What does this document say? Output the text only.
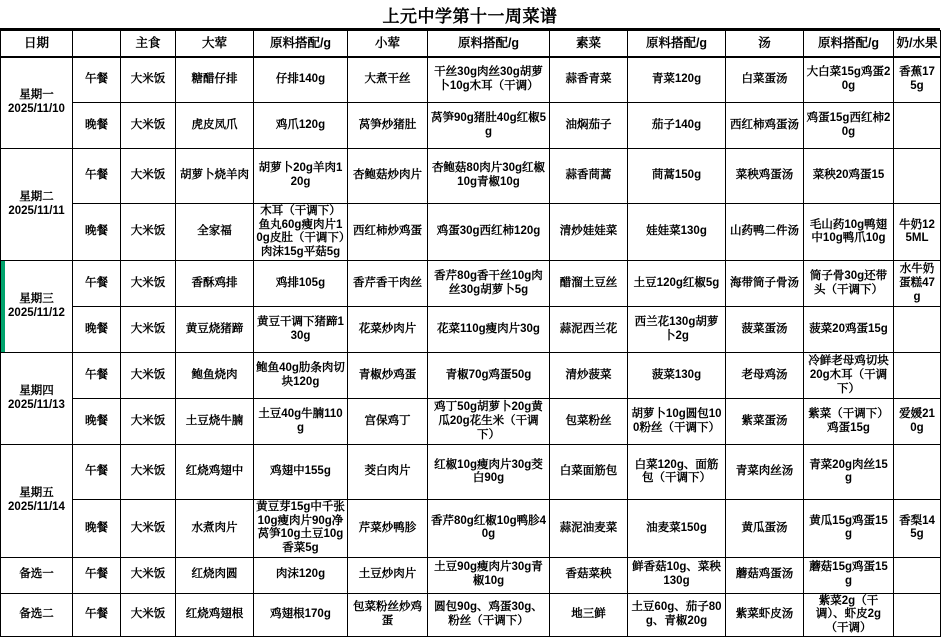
上元中学第十一周菜谱
日期		主食	大荤	原料搭配/g	小荤	原料搭配/g	素菜	原料搭配/g	汤	原料搭配/g	奶/水果

星期一
2025/11/10	午餐	大米饭	糖醋仔排	仔排140g	大煮干丝	干丝30g肉丝30g胡萝卜10g木耳（干调）	蒜香青菜	青菜120g	白菜蛋汤	大白菜15g鸡蛋20g	香蕉175g

	晚餐	大米饭	虎皮凤爪	鸡爪120g	莴笋炒猪肚	莴笋90g猪肚40g红椒5g	油焖茄子	茄子140g	西红柿鸡蛋汤	鸡蛋15g西红柿20g	

星期二
2025/11/11	午餐	大米饭	胡萝卜烧羊肉	胡萝卜20g羊肉120g	杏鲍菇炒肉片	杏鲍菇80肉片30g红椒10g青椒10g	蒜香茼蒿	茼蒿150g	菜秧鸡蛋汤	菜秧20鸡蛋15	

	晚餐	大米饭	全家福	木耳（干调下）鱼丸60g瘦肉片10g皮肚（干调下）肉沫15g平菇5g	西红柿炒鸡蛋	鸡蛋30g西红柿120g	清炒娃娃菜	娃娃菜130g	山药鸭二件汤	毛山药10g鸭翅中10g鸭爪10g	牛奶125ML

星期三
2025/11/12	午餐	大米饭	香酥鸡排	鸡排105g	香芹香干肉丝	香芹80g香干丝10g肉丝30g胡萝卜5g	醋溜土豆丝	土豆120g红椒5g	海带筒子骨汤	筒子骨30g还带头（干调下）	水牛奶蛋糕47g

	晚餐	大米饭	黄豆烧猪蹄	黄豆干调下猪蹄130g	花菜炒肉片	花菜110g瘦肉片30g	蒜泥西兰花	西兰花130g胡萝卜2g	菠菜蛋汤	菠菜20鸡蛋15g	

星期四
2025/11/13	午餐	大米饭	鲍鱼烧肉	鲍鱼40g肋条肉切块120g	青椒炒鸡蛋	青椒70g鸡蛋50g	清炒菠菜	菠菜130g	老母鸡汤	冷鲜老母鸡切块20g木耳（干调下）	

	晚餐	大米饭	土豆烧牛腩	土豆40g牛腩110g	宫保鸡丁	鸡丁50g胡萝卜20g黄瓜20g花生米（干调下）	包菜粉丝	胡萝卜10g圆包100粉丝（干调下）	紫菜蛋汤	紫菜（干调下）鸡蛋15g	爱媛210g

星期五
2025/11/14	午餐	大米饭	红烧鸡翅中	鸡翅中155g	茭白肉片	红椒10g瘦肉片30g茭白90g	白菜面筋包	白菜120g、面筋包（干调下）	青菜肉丝汤	青菜20g肉丝15g	

	晚餐	大米饭	水煮肉片	黄豆芽15g中千张10g瘦肉片90g净莴笋10g土豆10g香菜5g	芹菜炒鸭胗	香芹80g红椒10g鸭胗40g	蒜泥油麦菜	油麦菜150g	黄瓜蛋汤	黄瓜15g鸡蛋15g	香梨145g

备选一	午餐	大米饭	红烧肉圆	肉沫120g	土豆炒肉片	土豆90g瘦肉片30g青椒10g	香菇菜秧	鲜香菇10g、菜秧130g	蘑菇鸡蛋汤	蘑菇15g鸡蛋15g	

备选二	午餐	大米饭	红烧鸡翅根	鸡翅根170g	包菜粉丝炒鸡蛋	圆包90g、鸡蛋30g、粉丝（干调下）	地三鲜	土豆60g、茄子80g、青椒20g	紫菜虾皮汤	紫菜2g（干调）、虾皮2g（干调）	
